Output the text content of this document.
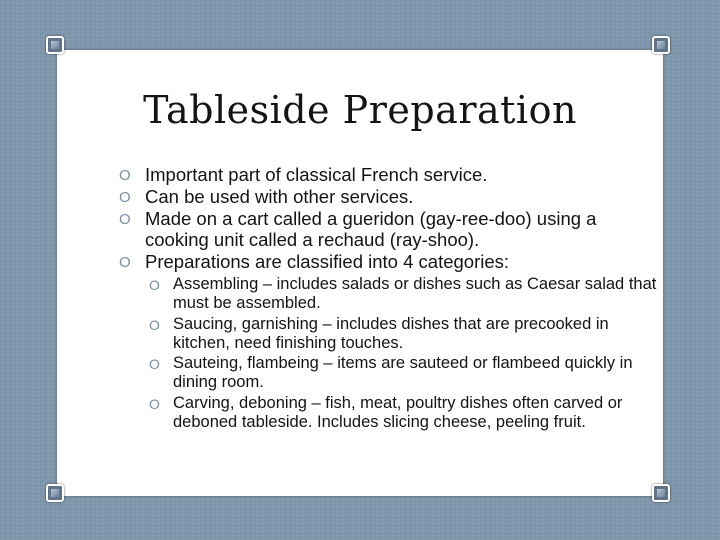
Tableside Preparation
O Important part of classical French service.
O Can be used with other services.
O Made on a cart called a gueridon (gay-ree-doo) using a cooking unit called a rechaud (ray-shoo).
O Preparations are classified into 4 categories:
O Assembling – includes salads or dishes such as Caesar salad that must be assembled.
O Saucing, garnishing – includes dishes that are precooked in kitchen, need finishing touches.
O Sauteing, flambeing – items are sauteed or flambeed quickly in dining room.
O Carving, deboning – fish, meat, poultry dishes often carved or deboned tableside. Includes slicing cheese, peeling fruit.
